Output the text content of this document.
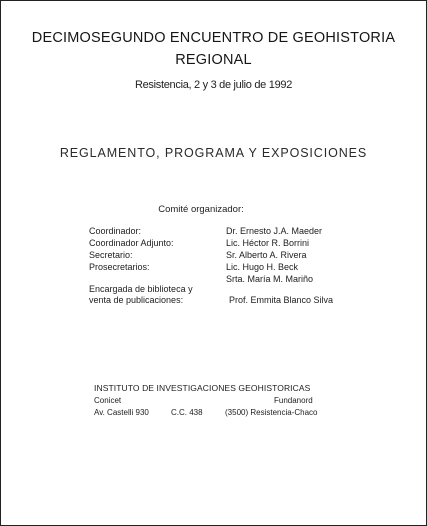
DECIMOSEGUNDO ENCUENTRO DE GEOHISTORIA
REGIONAL
Resistencia, 2 y 3 de julio de 1992
REGLAMENTO, PROGRAMA Y EXPOSICIONES
Comité organizador:
Coordinador:	Dr. Ernesto J.A. Maeder
Coordinador Adjunto:	Lic. Héctor R. Borrini
Secretario:	Sr. Alberto A. Rivera
Prosecretarios:	Lic. Hugo H. Beck
Srta. María M. Mariño
Encargada de biblioteca y
venta de publicaciones:	Prof. Emmita Blanco Silva
INSTITUTO DE INVESTIGACIONES GEOHISTORICAS
Conicet	Fundanord
Av. Castelli 930	C.C. 438	(3500) Resistencia-Chaco
